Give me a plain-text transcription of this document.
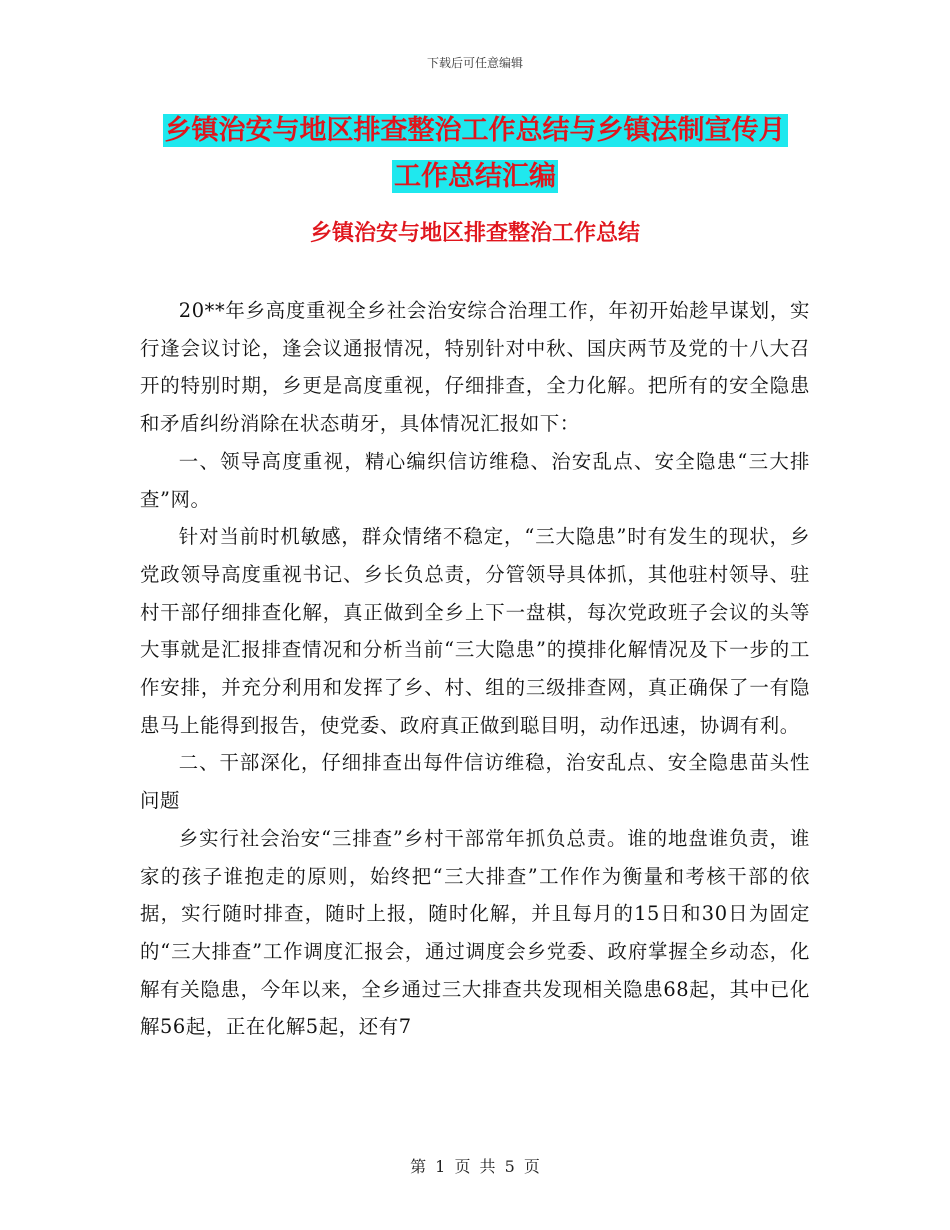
下载后可任意编辑
乡镇治安与地区排查整治工作总结与乡镇法制宣传月
工作总结汇编
乡镇治安与地区排查整治工作总结

20**年乡高度重视全乡社会治安综合治理工作，年初开始趁早谋划，实行逢会议讨论，逢会议通报情况，特别针对中秋、国庆两节及党的十八大召开的特别时期，乡更是高度重视，仔细排查，全力化解。把所有的安全隐患和矛盾纠纷消除在状态萌牙，具体情况汇报如下：

一、领导高度重视，精心编织信访维稳、治安乱点、安全隐患“三大排查”网。

针对当前时机敏感，群众情绪不稳定，“三大隐患”时有发生的现状，乡党政领导高度重视书记、乡长负总责，分管领导具体抓，其他驻村领导、驻村干部仔细排查化解，真正做到全乡上下一盘棋，每次党政班子会议的头等大事就是汇报排查情况和分析当前“三大隐患”的摸排化解情况及下一步的工作安排，并充分利用和发挥了乡、村、组的三级排查网，真正确保了一有隐患马上能得到报告，使党委、政府真正做到聪目明，动作迅速，协调有利。

二、干部深化，仔细排查出每件信访维稳，治安乱点、安全隐患苗头性问题

乡实行社会治安“三排查”乡村干部常年抓负总责。谁的地盘谁负责，谁家的孩子谁抱走的原则，始终把“三大排查”工作作为衡量和考核干部的依据，实行随时排查，随时上报，随时化解，并且每月的15日和30日为固定的“三大排查”工作调度汇报会，通过调度会乡党委、政府掌握全乡动态，化解有关隐患，今年以来，全乡通过三大排查共发现相关隐患68起，其中已化解56起，正在化解5起，还有7

第 1 页 共 5 页
